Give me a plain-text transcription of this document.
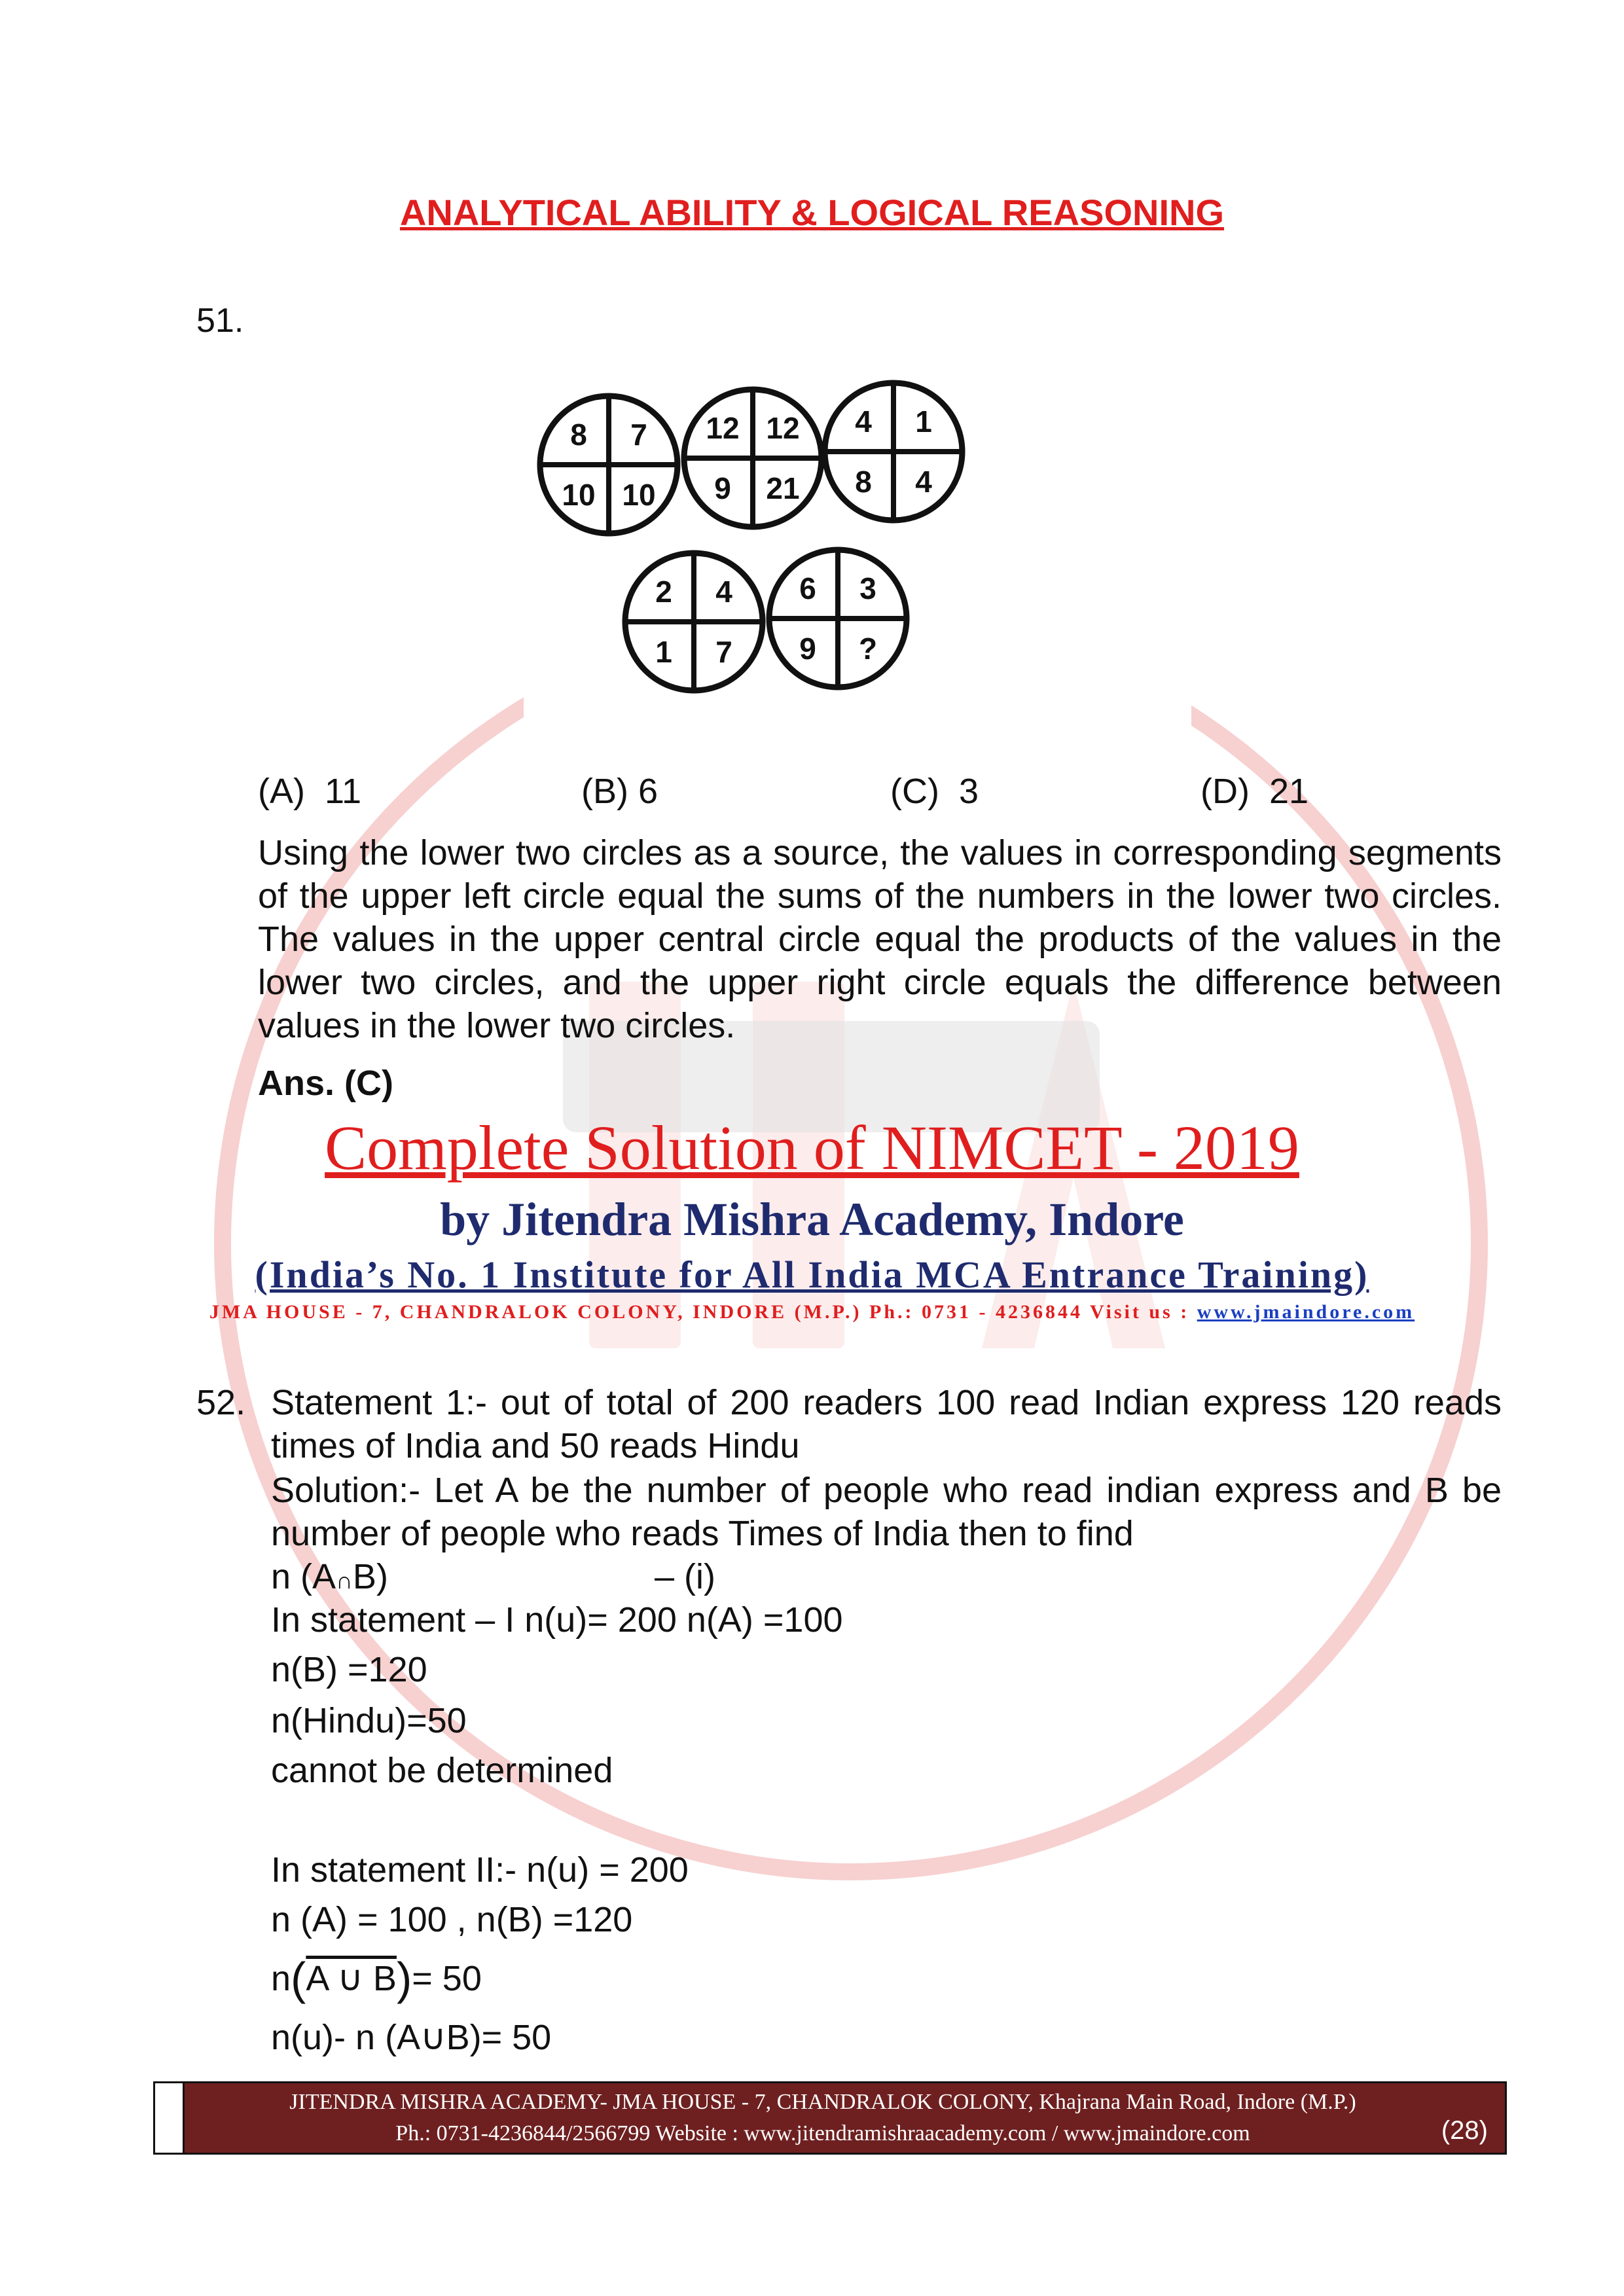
ANALYTICAL ABILITY & LOGICAL REASONING
51.
8 7
10 10
12 12
9 21
4 1
8 4
2 4
1 7
6 3
9 ?
(A) 11	(B) 6	(C) 3	(D) 21
Using the lower two circles as a source, the values in corresponding segments of the upper left circle equal the sums of the numbers in the lower two circles. The values in the upper central circle equal the products of the values in the lower two circles, and the upper right circle equals the difference between values in the lower two circles.
Ans. (C)
Complete Solution of NIMCET - 2019
by Jitendra Mishra Academy, Indore
(India’s No. 1 Institute for All India MCA Entrance Training)
JMA HOUSE - 7, CHANDRALOK COLONY, INDORE (M.P.) Ph.: 0731 - 4236844 Visit us : www.jmaindore.com
52. Statement 1:- out of total of 200 readers 100 read Indian express 120 reads times of India and 50 reads Hindu
Solution:- Let A be the number of people who read indian express and B be number of people who reads Times of India then to find
n (A∩B)	– (i)
In statement – I n(u)= 200 n(A) =100
n(B) =120
n(Hindu)=50
cannot be determined
In statement II:- n(u) = 200
n (A) = 100 , n(B) =120
n(A ∪ B)= 50
n(u)- n (A∪B)= 50
JITENDRA MISHRA ACADEMY- JMA HOUSE - 7, CHANDRALOK COLONY, Khajrana Main Road, Indore (M.P.)
Ph.: 0731-4236844/2566799 Website : www.jitendramishraacademy.com / www.jmaindore.com	(28)
